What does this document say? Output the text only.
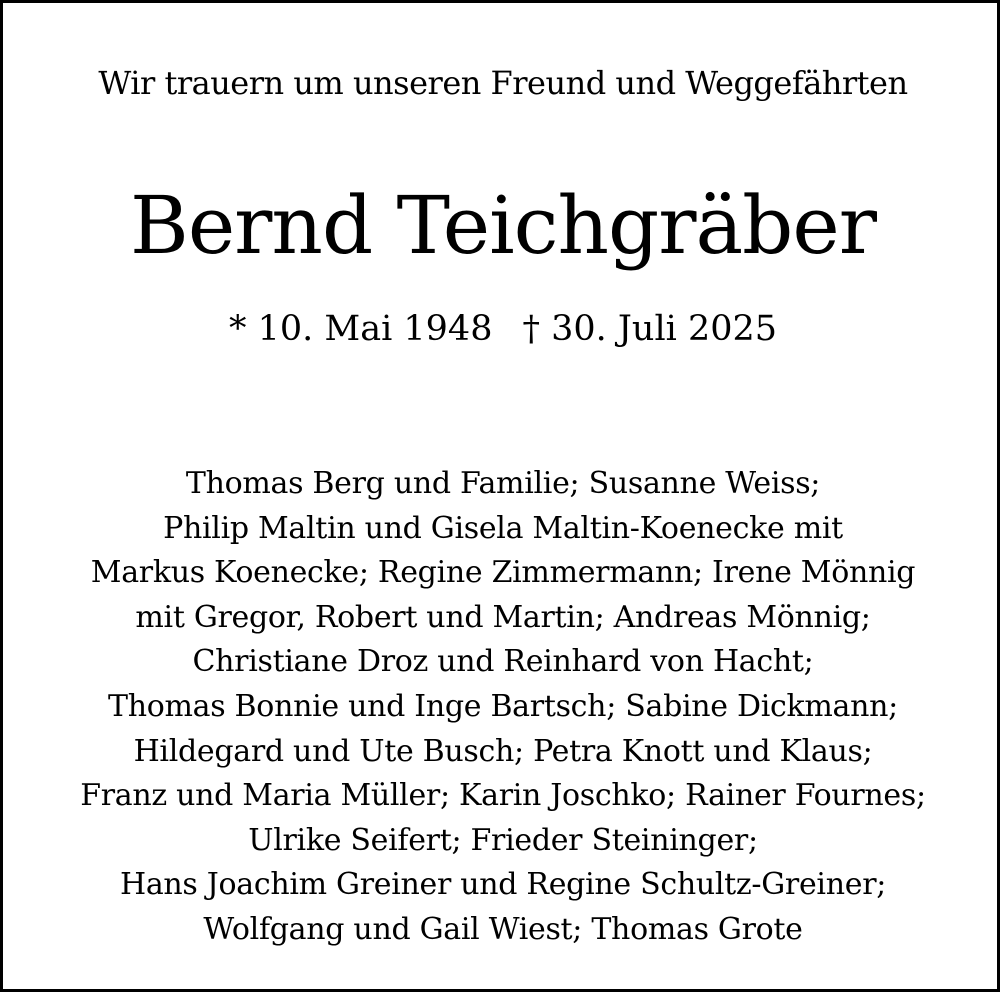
Wir trauern um unseren Freund und Weggefährten
Bernd Teichgräber
* 10. Mai 1948 † 30. Juli 2025
Thomas Berg und Familie; Susanne Weiss;
Philip Maltin und Gisela Maltin-Koenecke mit
Markus Koenecke; Regine Zimmermann; Irene Mönnig
mit Gregor, Robert und Martin; Andreas Mönnig;
Christiane Droz und Reinhard von Hacht;
Thomas Bonnie und Inge Bartsch; Sabine Dickmann;
Hildegard und Ute Busch; Petra Knott und Klaus;
Franz und Maria Müller; Karin Joschko; Rainer Fournes;
Ulrike Seifert; Frieder Steininger;
Hans Joachim Greiner und Regine Schultz-Greiner;
Wolfgang und Gail Wiest; Thomas Grote
